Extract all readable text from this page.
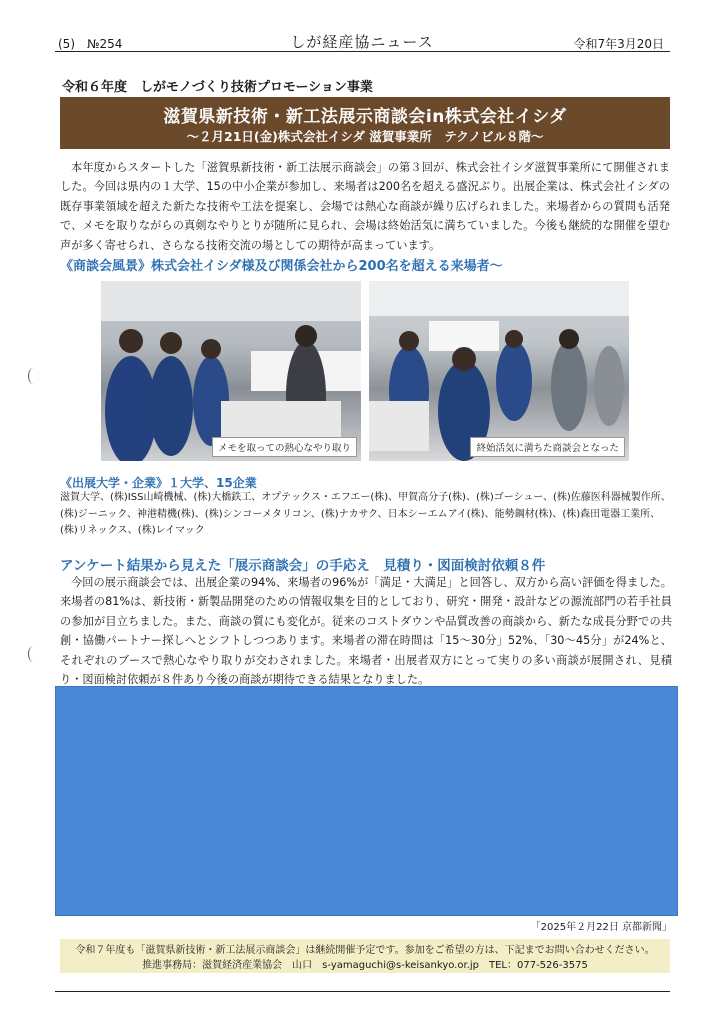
(5)　№254	しが経産協ニュース	令和7年3月20日
令和６年度　しがモノづくり技術プロモーション事業
滋賀県新技術・新工法展示商談会in株式会社イシダ
～２月21日(金)株式会社イシダ 滋賀事業所　テクノビル８階～
本年度からスタートした「滋賀県新技術・新工法展示商談会」の第３回が、株式会社イシダ滋賀事業所にて開催されました。今回は県内の１大学、15の中小企業が参加し、来場者は200名を超える盛況ぶり。出展企業は、株式会社イシダの既存事業領域を超えた新たな技術や工法を提案し、会場では熱心な商談が繰り広げられました。来場者からの質問も活発で、メモを取りながらの真剣なやりとりが随所に見られ、会場は終始活気に満ちていました。今後も継続的な開催を望む声が多く寄せられ、さらなる技術交流の場としての期待が高まっています。
《商談会風景》株式会社イシダ様及び関係会社から200名を超える来場者～
メモを取っての熱心なやり取り	終始活気に満ちた商談会となった
《出展大学・企業》１大学、15企業
滋賀大学、(株)ISS山崎機械、(株)大橋鉄工、オプテックス・エフエー(株)、甲賀高分子(株)、(株)ゴーシュー、(株)佐藤医科器械製作所、(株)ジーニック、神港精機(株)、(株)シンコーメタリコン、(株)ナカサク、日本シーエムアイ(株)、能勢鋼材(株)、(株)森田電器工業所、(株)リネックス、(株)レイマック
アンケート結果から見えた「展示商談会」の手応え　見積り・図面検討依頼８件
今回の展示商談会では、出展企業の94%、来場者の96%が「満足・大満足」と回答し、双方から高い評価を得ました。来場者の81%は、新技術・新製品開発のための情報収集を目的としており、研究・開発・設計などの源流部門の若手社員の参加が目立ちました。また、商談の質にも変化が。従来のコストダウンや品質改善の商談から、新たな成長分野での共創・協働パートナー探しへとシフトしつつあります。来場者の滞在時間は「15～30分」52%、「30～45分」が24%と、それぞれのブースで熱心なやり取りが交わされました。来場者・出展者双方にとって実りの多い商談が展開され、見積り・図面検討依頼が８件あり今後の商談が期待できる結果となりました。
「2025年２月22日 京都新聞」
令和７年度も「滋賀県新技術・新工法展示商談会」は継続開催予定です。参加をご希望の方は、下記までお問い合わせください。
推進事務局：滋賀経済産業協会　山口　s-yamaguchi@s-keisankyo.or.jp　TEL：077-526-3575
